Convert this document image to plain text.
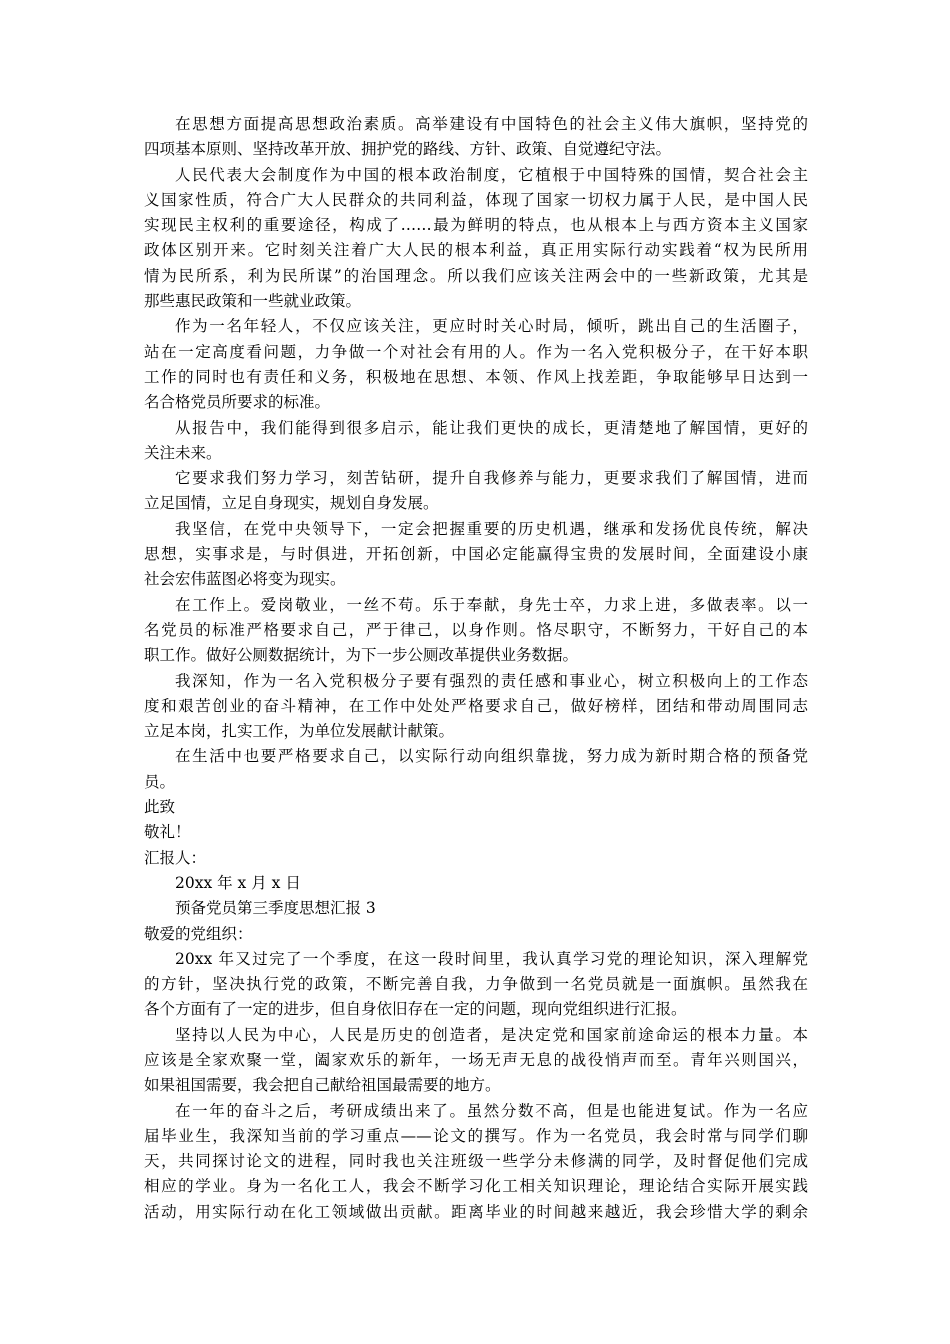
在思想方面提高思想政治素质。高举建设有中国特色的社会主义伟大旗帜，坚持党的
四项基本原则、坚持改革开放、拥护党的路线、方针、政策、自觉遵纪守法。
人民代表大会制度作为中国的根本政治制度，它植根于中国特殊的国情，契合社会主
义国家性质，符合广大人民群众的共同利益，体现了国家一切权力属于人民，是中国人民
实现民主权利的重要途径，构成了……最为鲜明的特点，也从根本上与西方资本主义国家
政体区别开来。它时刻关注着广大人民的根本利益，真正用实际行动实践着“权为民所用
情为民所系，利为民所谋”的治国理念。所以我们应该关注两会中的一些新政策，尤其是
那些惠民政策和一些就业政策。
作为一名年轻人，不仅应该关注，更应时时关心时局，倾听，跳出自己的生活圈子，
站在一定高度看问题，力争做一个对社会有用的人。作为一名入党积极分子，在干好本职
工作的同时也有责任和义务，积极地在思想、本领、作风上找差距，争取能够早日达到一
名合格党员所要求的标准。
从报告中，我们能得到很多启示，能让我们更快的成长，更清楚地了解国情，更好的
关注未来。
它要求我们努力学习，刻苦钻研，提升自我修养与能力，更要求我们了解国情，进而
立足国情，立足自身现实，规划自身发展。
我坚信，在党中央领导下，一定会把握重要的历史机遇，继承和发扬优良传统，解决
思想，实事求是，与时俱进，开拓创新，中国必定能赢得宝贵的发展时间，全面建设小康
社会宏伟蓝图必将变为现实。
在工作上。爱岗敬业，一丝不苟。乐于奉献，身先士卒，力求上进，多做表率。以一
名党员的标准严格要求自己，严于律己，以身作则。恪尽职守，不断努力，干好自己的本
职工作。做好公厕数据统计，为下一步公厕改革提供业务数据。
我深知，作为一名入党积极分子要有强烈的责任感和事业心，树立积极向上的工作态
度和艰苦创业的奋斗精神，在工作中处处严格要求自己，做好榜样，团结和带动周围同志
立足本岗，扎实工作，为单位发展献计献策。
在生活中也要严格要求自己，以实际行动向组织靠拢，努力成为新时期合格的预备党
员。
此致
敬礼！
汇报人：
20xx 年 x 月 x 日
预备党员第三季度思想汇报 3
敬爱的党组织：
20xx 年又过完了一个季度，在这一段时间里，我认真学习党的理论知识，深入理解党
的方针，坚决执行党的政策，不断完善自我，力争做到一名党员就是一面旗帜。虽然我在
各个方面有了一定的进步，但自身依旧存在一定的问题，现向党组织进行汇报。
坚持以人民为中心，人民是历史的创造者，是决定党和国家前途命运的根本力量。本
应该是全家欢聚一堂，阖家欢乐的新年，一场无声无息的战役悄声而至。青年兴则国兴，
如果祖国需要，我会把自己献给祖国最需要的地方。
在一年的奋斗之后，考研成绩出来了。虽然分数不高，但是也能进复试。作为一名应
届毕业生，我深知当前的学习重点——论文的撰写。作为一名党员，我会时常与同学们聊
天，共同探讨论文的进程，同时我也关注班级一些学分未修满的同学，及时督促他们完成
相应的学业。身为一名化工人，我会不断学习化工相关知识理论，理论结合实际开展实践
活动，用实际行动在化工领域做出贡献。距离毕业的时间越来越近，我会珍惜大学的剩余
